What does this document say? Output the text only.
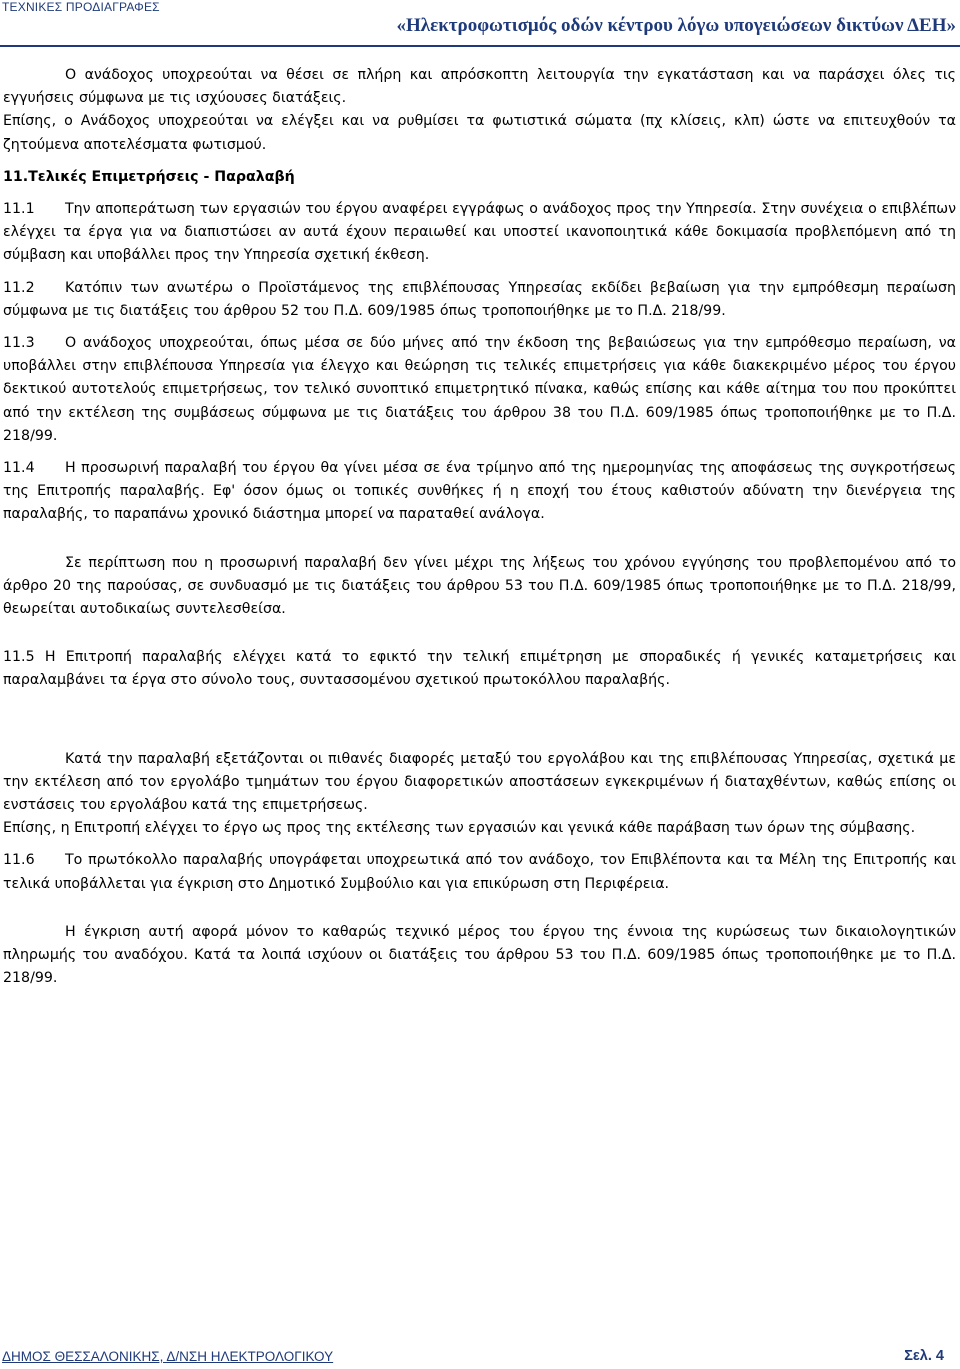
ΤΕΧΝΙΚΕΣ ΠΡΟΔΙΑΓΡΑΦΕΣ
«Ηλεκτροφωτισμός οδών κέντρου λόγω υπογειώσεων δικτύων ΔΕΗ»

Ο ανάδοχος υποχρεούται να θέσει σε πλήρη και απρόσκοπτη λειτουργία την εγκατάσταση και να παράσχει όλες τις εγγυήσεις σύμφωνα με τις ισχύουσες διατάξεις.

Επίσης, ο Ανάδοχος υποχρεούται να ελέγξει και να ρυθμίσει τα φωτιστικά σώματα (πχ κλίσεις, κλπ) ώστε να επιτευχθούν τα ζητούμενα αποτελέσματα φωτισμού.

11.Τελικές Επιμετρήσεις - Παραλαβή

11.1 Την αποπεράτωση των εργασιών του έργου αναφέρει εγγράφως ο ανάδοχος προς την Υπηρεσία. Στην συνέχεια ο επιβλέπων ελέγχει τα έργα για να διαπιστώσει αν αυτά έχουν περαιωθεί και υποστεί ικανοποιητικά κάθε δοκιμασία προβλεπόμενη από τη σύμβαση και υποβάλλει προς την Υπηρεσία σχετική έκθεση.

11.2 Κατόπιν των ανωτέρω ο Προϊστάμενος της επιβλέπουσας Υπηρεσίας εκδίδει βεβαίωση για την εμπρόθεσμη περαίωση σύμφωνα με τις διατάξεις του άρθρου 52 του Π.Δ. 609/1985 όπως τροποποιήθηκε με το Π.Δ. 218/99.

11.3 Ο ανάδοχος υποχρεούται, όπως μέσα σε δύο μήνες από την έκδοση της βεβαιώσεως για την εμπρόθεσμο περαίωση, να υποβάλλει στην επιβλέπουσα Υπηρεσία για έλεγχο και θεώρηση τις τελικές επιμετρήσεις για κάθε διακεκριμένο μέρος του έργου δεκτικού αυτοτελούς επιμετρήσεως, τον τελικό συνοπτικό επιμετρητικό πίνακα, καθώς επίσης και κάθε αίτημα του που προκύπτει από την εκτέλεση της συμβάσεως σύμφωνα με τις διατάξεις του άρθρου 38 του Π.Δ. 609/1985 όπως τροποποιήθηκε με το Π.Δ. 218/99.

11.4 Η προσωρινή παραλαβή του έργου θα γίνει μέσα σε ένα τρίμηνο από της ημερομηνίας της αποφάσεως της συγκροτήσεως της Επιτροπής παραλαβής. Εφ' όσον όμως οι τοπικές συνθήκες ή η εποχή του έτους καθιστούν αδύνατη την διενέργεια της παραλαβής, το παραπάνω χρονικό διάστημα μπορεί να παραταθεί ανάλογα.

Σε περίπτωση που η προσωρινή παραλαβή δεν γίνει μέχρι της λήξεως του χρόνου εγγύησης του προβλεπομένου από το άρθρο 20 της παρούσας, σε συνδυασμό με τις διατάξεις του άρθρου 53 του Π.Δ. 609/1985 όπως τροποποιήθηκε με το Π.Δ. 218/99, θεωρείται αυτοδικαίως συντελεσθείσα.

11.5 Η Επιτροπή παραλαβής ελέγχει κατά το εφικτό την τελική επιμέτρηση με σποραδικές ή γενικές καταμετρήσεις και παραλαμβάνει τα έργα στο σύνολο τους, συντασσομένου σχετικού πρωτοκόλλου παραλαβής.

Κατά την παραλαβή εξετάζονται οι πιθανές διαφορές μεταξύ του εργολάβου και της επιβλέπουσας Υπηρεσίας, σχετικά με την εκτέλεση από τον εργολάβο τμημάτων του έργου διαφορετικών αποστάσεων εγκεκριμένων ή διαταχθέντων, καθώς επίσης οι ενστάσεις του εργολάβου κατά της επιμετρήσεως.

Επίσης, η Επιτροπή ελέγχει το έργο ως προς της εκτέλεσης των εργασιών και γενικά κάθε παράβαση των όρων της σύμβασης.

11.6 Το πρωτόκολλο παραλαβής υπογράφεται υποχρεωτικά από τον ανάδοχο, τον Επιβλέποντα και τα Μέλη της Επιτροπής και τελικά υποβάλλεται για έγκριση στο Δημοτικό Συμβούλιο και για επικύρωση στη Περιφέρεια.

Η έγκριση αυτή αφορά μόνον το καθαρώς τεχνικό μέρος του έργου της έννοια της κυρώσεως των δικαιολογητικών πληρωμής του αναδόχου. Κατά τα λοιπά ισχύουν οι διατάξεις του άρθρου 53 του Π.Δ. 609/1985 όπως τροποποιήθηκε με το Π.Δ. 218/99.

ΔΗΜΟΣ ΘΕΣΣΑΛΟΝΙΚΗΣ, Δ/ΝΣΗ ΗΛΕΚΤΡΟΛΟΓΙΚΟΥ	Σελ. 4
